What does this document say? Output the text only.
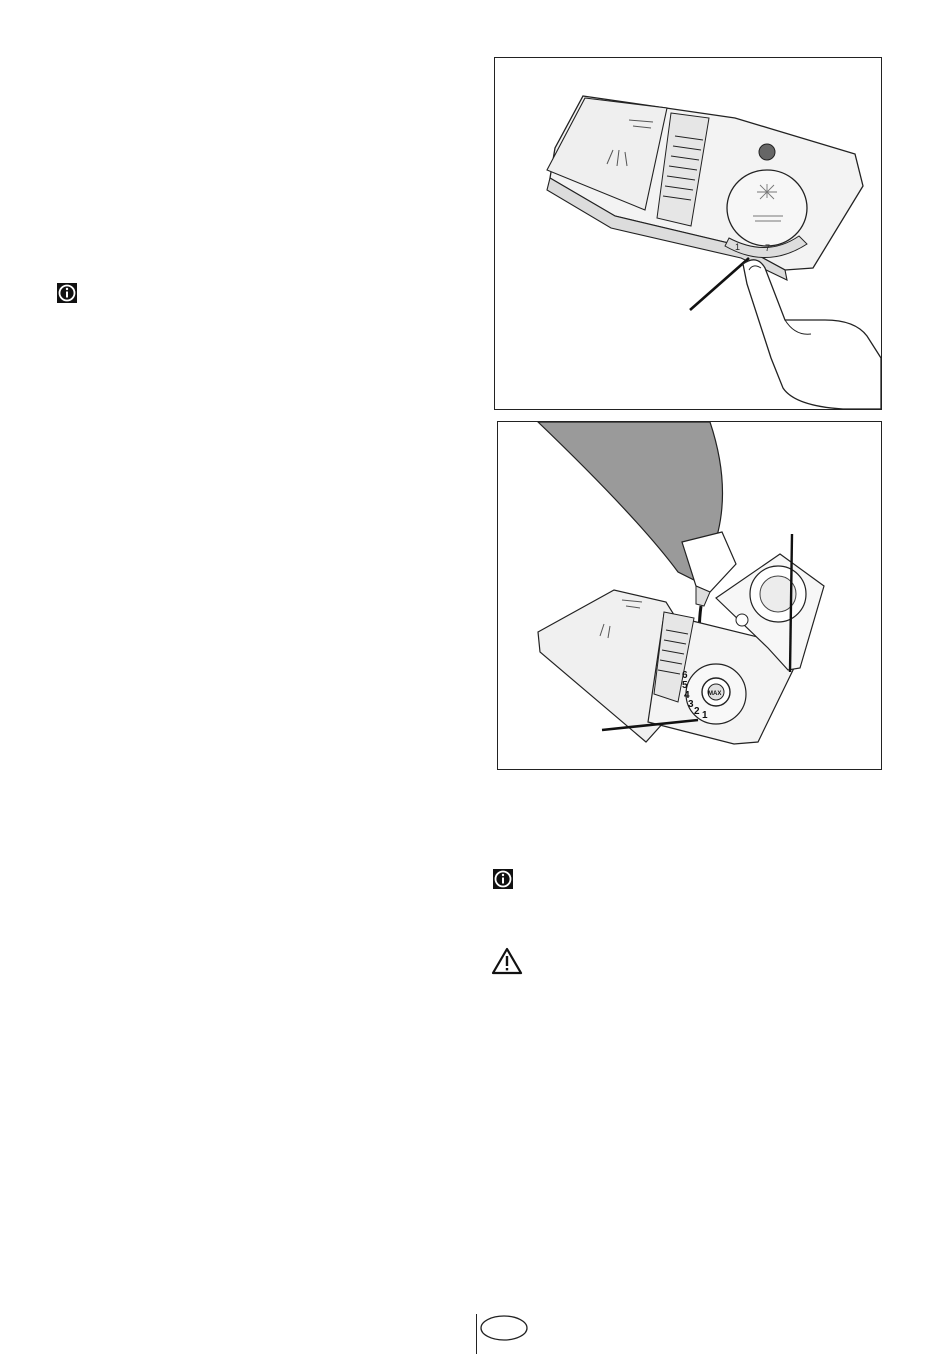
1	7
1
2
3
4
5
6
MAX
